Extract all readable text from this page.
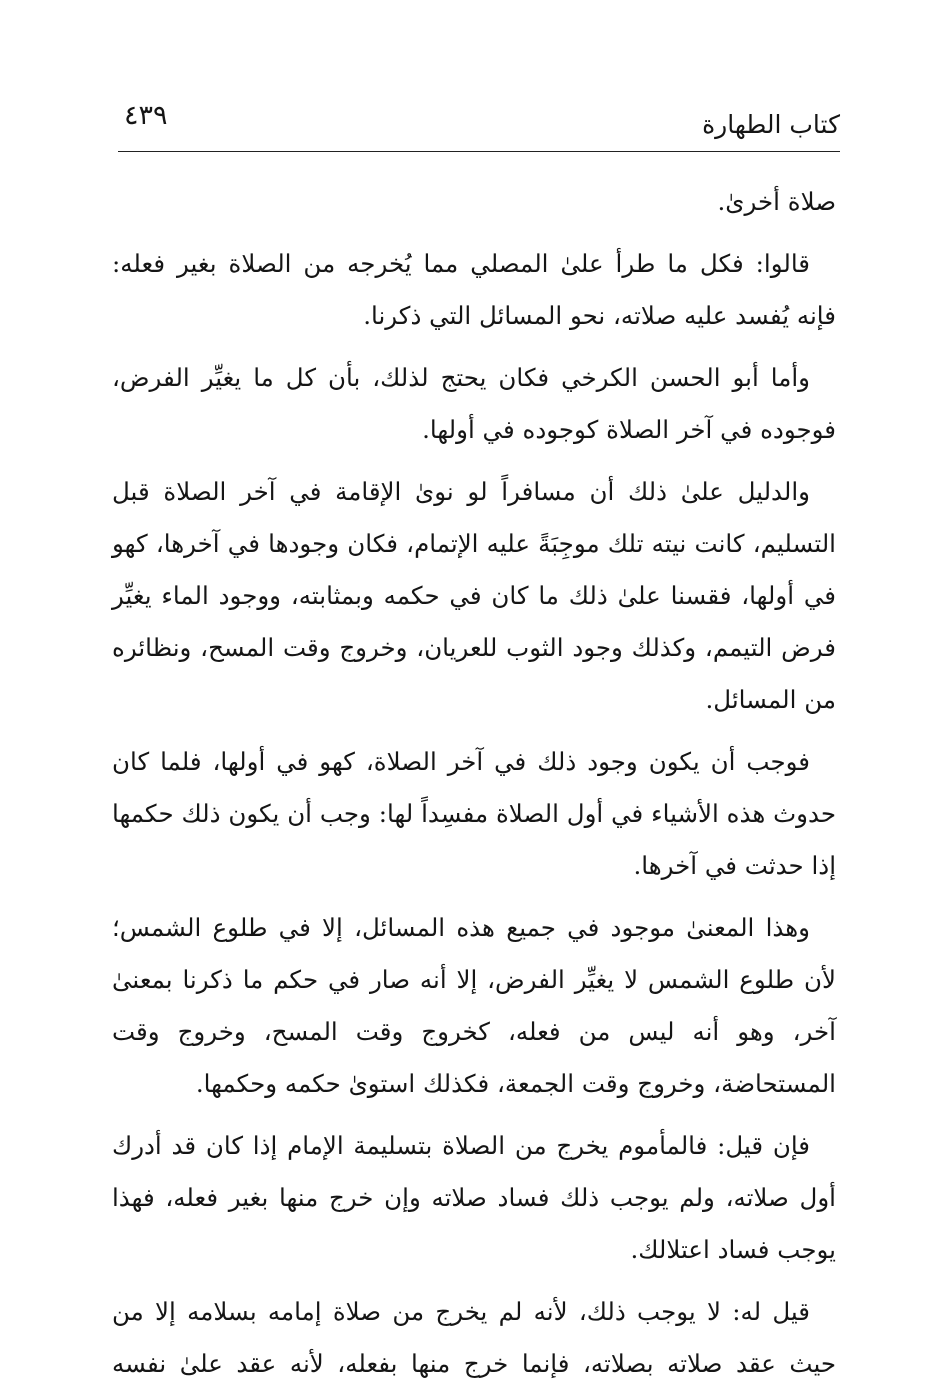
كتاب الطهارة
٤٣٩

صلاة أخرىٰ.

قالوا: فكل ما طرأ علىٰ المصلي مما يُخرجه من الصلاة بغير فعله: فإنه يُفسد عليه صلاته، نحو المسائل التي ذكرنا.

وأما أبو الحسن الكرخي فكان يحتج لذلك، بأن كل ما يغيِّر الفرض، فوجوده في آخر الصلاة كوجوده في أولها.

والدليل علىٰ ذلك أن مسافراً لو نوىٰ الإقامة في آخر الصلاة قبل التسليم، كانت نيته تلك موجِبَةً عليه الإتمام، فكان وجودها في آخرها، كهو في أولها، فقسنا علىٰ ذلك ما كان في حكمه وبمثابته، ووجود الماء يغيِّر فرض التيمم، وكذلك وجود الثوب للعريان، وخروج وقت المسح، ونظائره من المسائل.

فوجب أن يكون وجود ذلك في آخر الصلاة، كهو في أولها، فلما كان حدوث هذه الأشياء في أول الصلاة مفسِداً لها: وجب أن يكون ذلك حكمها إذا حدثت في آخرها.

وهذا المعنىٰ موجود في جميع هذه المسائل، إلا في طلوع الشمس؛ لأن طلوع الشمس لا يغيِّر الفرض، إلا أنه صار في حكم ما ذكرنا بمعنىٰ آخر، وهو أنه ليس من فعله، كخروج وقت المسح، وخروج وقت المستحاضة، وخروج وقت الجمعة، فكذلك استوىٰ حكمه وحكمها.

فإن قيل: فالمأموم يخرج من الصلاة بتسليمة الإمام إذا كان قد أدرك أول صلاته، ولم يوجب ذلك فساد صلاته وإن خرج منها بغير فعله، فهذا يوجب فساد اعتلالك.

قيل له: لا يوجب ذلك، لأنه لم يخرج من صلاة إمامه بسلامه إلا من حيث عقد صلاته بصلاته، فإنما خرج منها بفعله، لأنه عقد علىٰ نفسه
